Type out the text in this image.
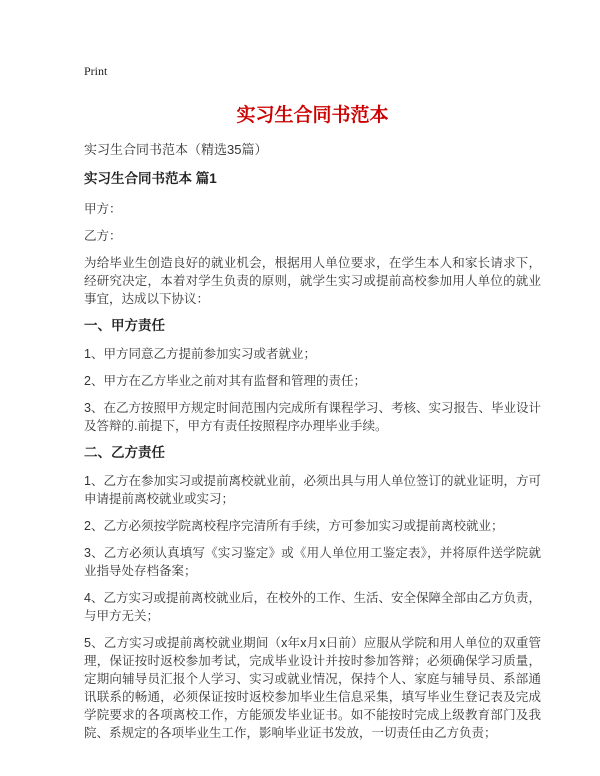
Print
实习生合同书范本
实习生合同书范本（精选35篇）
实习生合同书范本 篇1

甲方：

乙方：

为给毕业生创造良好的就业机会，根据用人单位要求，在学生本人和家长请求下，经研究决定，本着对学生负责的原则，就学生实习或提前高校参加用人单位的就业事宜，达成以下协议：

一、甲方责任

1、甲方同意乙方提前参加实习或者就业；

2、甲方在乙方毕业之前对其有监督和管理的责任；

3、在乙方按照甲方规定时间范围内完成所有课程学习、考核、实习报告、毕业设计及答辩的.前提下，甲方有责任按照程序办理毕业手续。

二、乙方责任

1、乙方在参加实习或提前离校就业前，必须出具与用人单位签订的就业证明，方可申请提前离校就业或实习；

2、乙方必须按学院离校程序完清所有手续，方可参加实习或提前离校就业；

3、乙方必须认真填写《实习鉴定》或《用人单位用工鉴定表》，并将原件送学院就业指导处存档备案；

4、乙方实习或提前离校就业后，在校外的工作、生活、安全保障全部由乙方负责，与甲方无关；

5、乙方实习或提前离校就业期间（x年x月x日前）应服从学院和用人单位的双重管理，保证按时返校参加考试，完成毕业设计并按时参加答辩；必须确保学习质量，定期向辅导员汇报个人学习、实习或就业情况，保持个人、家庭与辅导员、系部通讯联系的畅通，必须保证按时返校参加毕业生信息采集，填写毕业生登记表及完成学院要求的各项离校工作，方能颁发毕业证书。如不能按时完成上级教育部门及我院、系规定的各项毕业生工作，影响毕业证书发放，一切责任由乙方负责；
